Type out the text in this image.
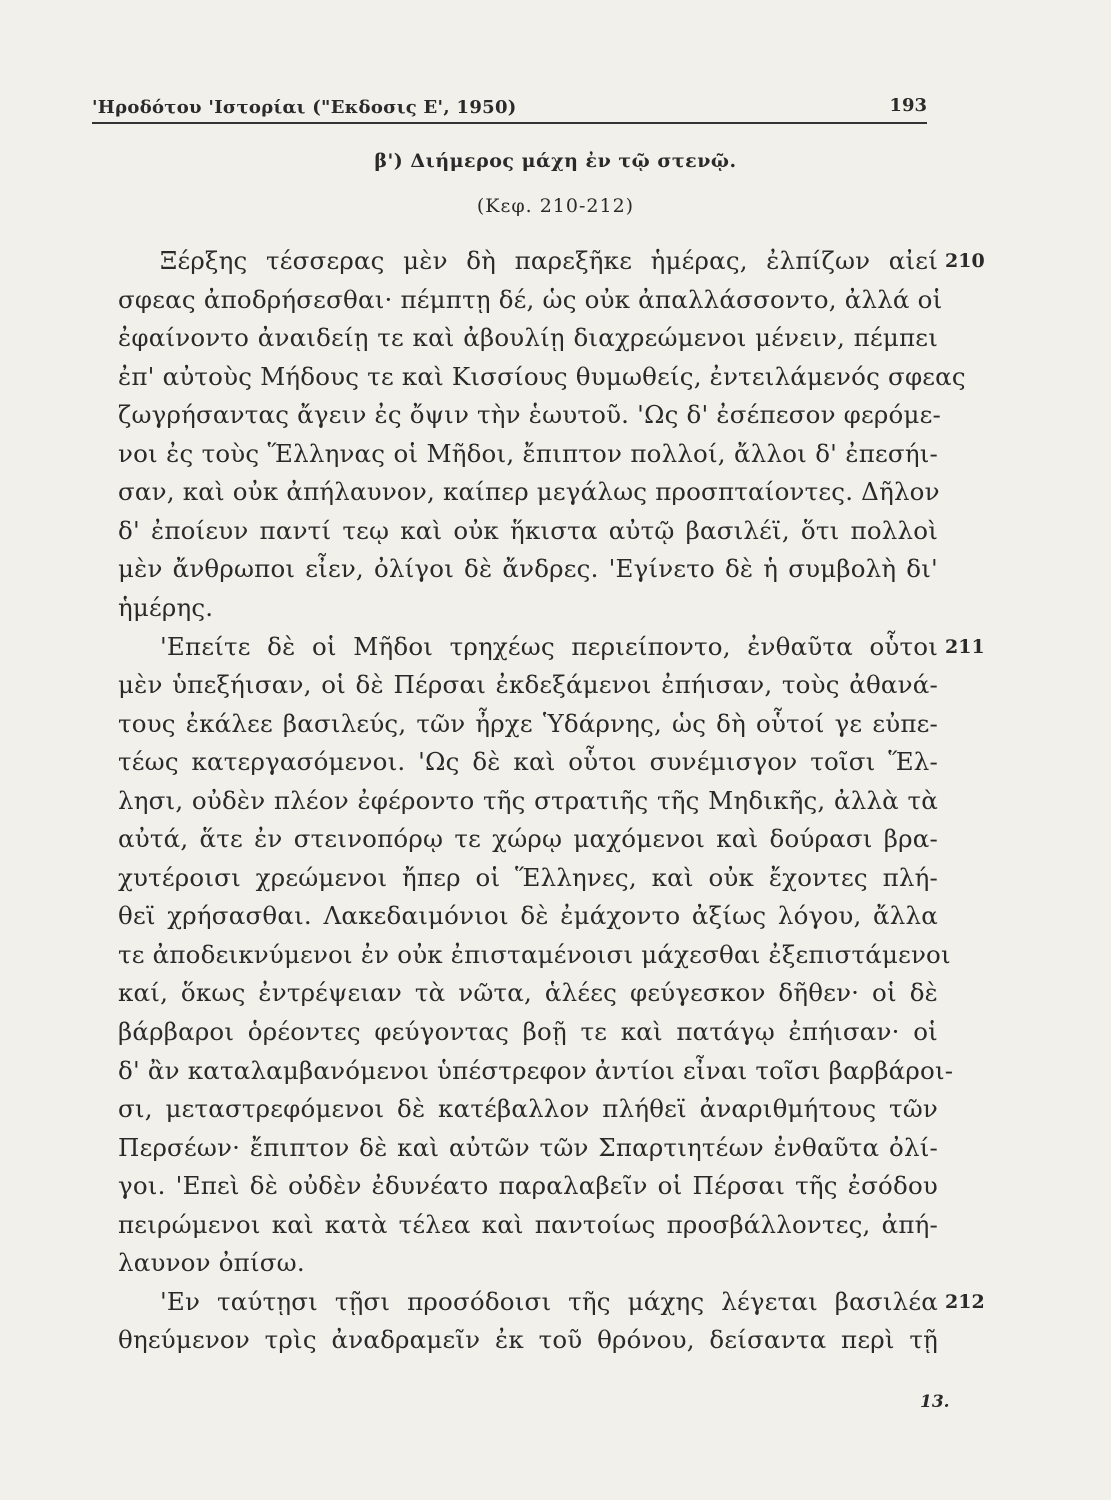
'Ηροδότου 'Ιστορίαι ("Εκδοσις Ε', 1950)	193
β') Διήμερος μάχη ἐν τῷ στενῷ.
(Κεφ. 210-212)
Ξέρξης τέσσερας μὲν δὴ παρεξῆκε ἡμέρας, ἐλπίζων αἰεί 210
σφεας ἀποδρήσεσθαι· πέμπτῃ δέ, ὡς οὐκ ἀπαλλάσσοντο, ἀλλά οἱ
ἐφαίνοντο ἀναιδείῃ τε καὶ ἀβουλίῃ διαχρεώμενοι μένειν, πέμπει
ἐπ' αὐτοὺς Μήδους τε καὶ Κισσίους θυμωθείς, ἐντειλάμενός σφεας
ζωγρήσαντας ἄγειν ἐς ὄψιν τὴν ἑωυτοῦ. 'Ως δ' ἐσέπεσον φερόμε-
νοι ἐς τοὺς Ἕλληνας οἱ Μῆδοι, ἔπιπτον πολλοί, ἄλλοι δ' ἐπεσήι-
σαν, καὶ οὐκ ἀπήλαυνον, καίπερ μεγάλως προσπταίοντες. Δῆλον
δ' ἐποίευν παντί τεῳ καὶ οὐκ ἥκιστα αὐτῷ βασιλέϊ, ὅτι πολλοὶ
μὲν ἄνθρωποι εἶεν, ὀλίγοι δὲ ἄνδρες. 'Εγίνετο δὲ ἡ συμβολὴ δι'
ἡμέρης.
'Επείτε δὲ οἱ Μῆδοι τρηχέως περιείποντο, ἐνθαῦτα οὗτοι 211
μὲν ὑπεξήισαν, οἱ δὲ Πέρσαι ἐκδεξάμενοι ἐπήισαν, τοὺς ἀθανά-
τους ἐκάλεε βασιλεύς, τῶν ἦρχε Ὑδάρνης, ὡς δὴ οὗτοί γε εὐπε-
τέως κατεργασόμενοι. 'Ως δὲ καὶ οὗτοι συνέμισγον τοῖσι Ἕλ-
λησι, οὐδὲν πλέον ἐφέροντο τῆς στρατιῆς τῆς Μηδικῆς, ἀλλὰ τὰ
αὐτά, ἅτε ἐν στεινοπόρῳ τε χώρῳ μαχόμενοι καὶ δούρασι βρα-
χυτέροισι χρεώμενοι ἤπερ οἱ Ἕλληνες, καὶ οὐκ ἔχοντες πλή-
θεϊ χρήσασθαι. Λακεδαιμόνιοι δὲ ἐμάχοντο ἀξίως λόγου, ἄλλα
τε ἀποδεικνύμενοι ἐν οὐκ ἐπισταμένοισι μάχεσθαι ἐξεπιστάμενοι
καί, ὅκως ἐντρέψειαν τὰ νῶτα, ἁλέες φεύγεσκον δῆθεν· οἱ δὲ
βάρβαροι ὁρέοντες φεύγοντας βοῇ τε καὶ πατάγῳ ἐπήισαν· οἱ
δ' ἂν καταλαμβανόμενοι ὑπέστρεφον ἀντίοι εἶναι τοῖσι βαρβάροι-
σι, μεταστρεφόμενοι δὲ κατέβαλλον πλήθεϊ ἀναριθμήτους τῶν
Περσέων· ἔπιπτον δὲ καὶ αὐτῶν τῶν Σπαρτιητέων ἐνθαῦτα ὀλί-
γοι. 'Επεὶ δὲ οὐδὲν ἐδυνέατο παραλαβεῖν οἱ Πέρσαι τῆς ἐσόδου
πειρώμενοι καὶ κατὰ τέλεα καὶ παντοίως προσβάλλοντες, ἀπή-
λαυνον ὀπίσω.
'Εν ταύτῃσι τῇσι προσόδοισι τῆς μάχης λέγεται βασιλέα 212
θηεύμενον τρὶς ἀναδραμεῖν ἐκ τοῦ θρόνου, δείσαντα περὶ τῇ
13.
